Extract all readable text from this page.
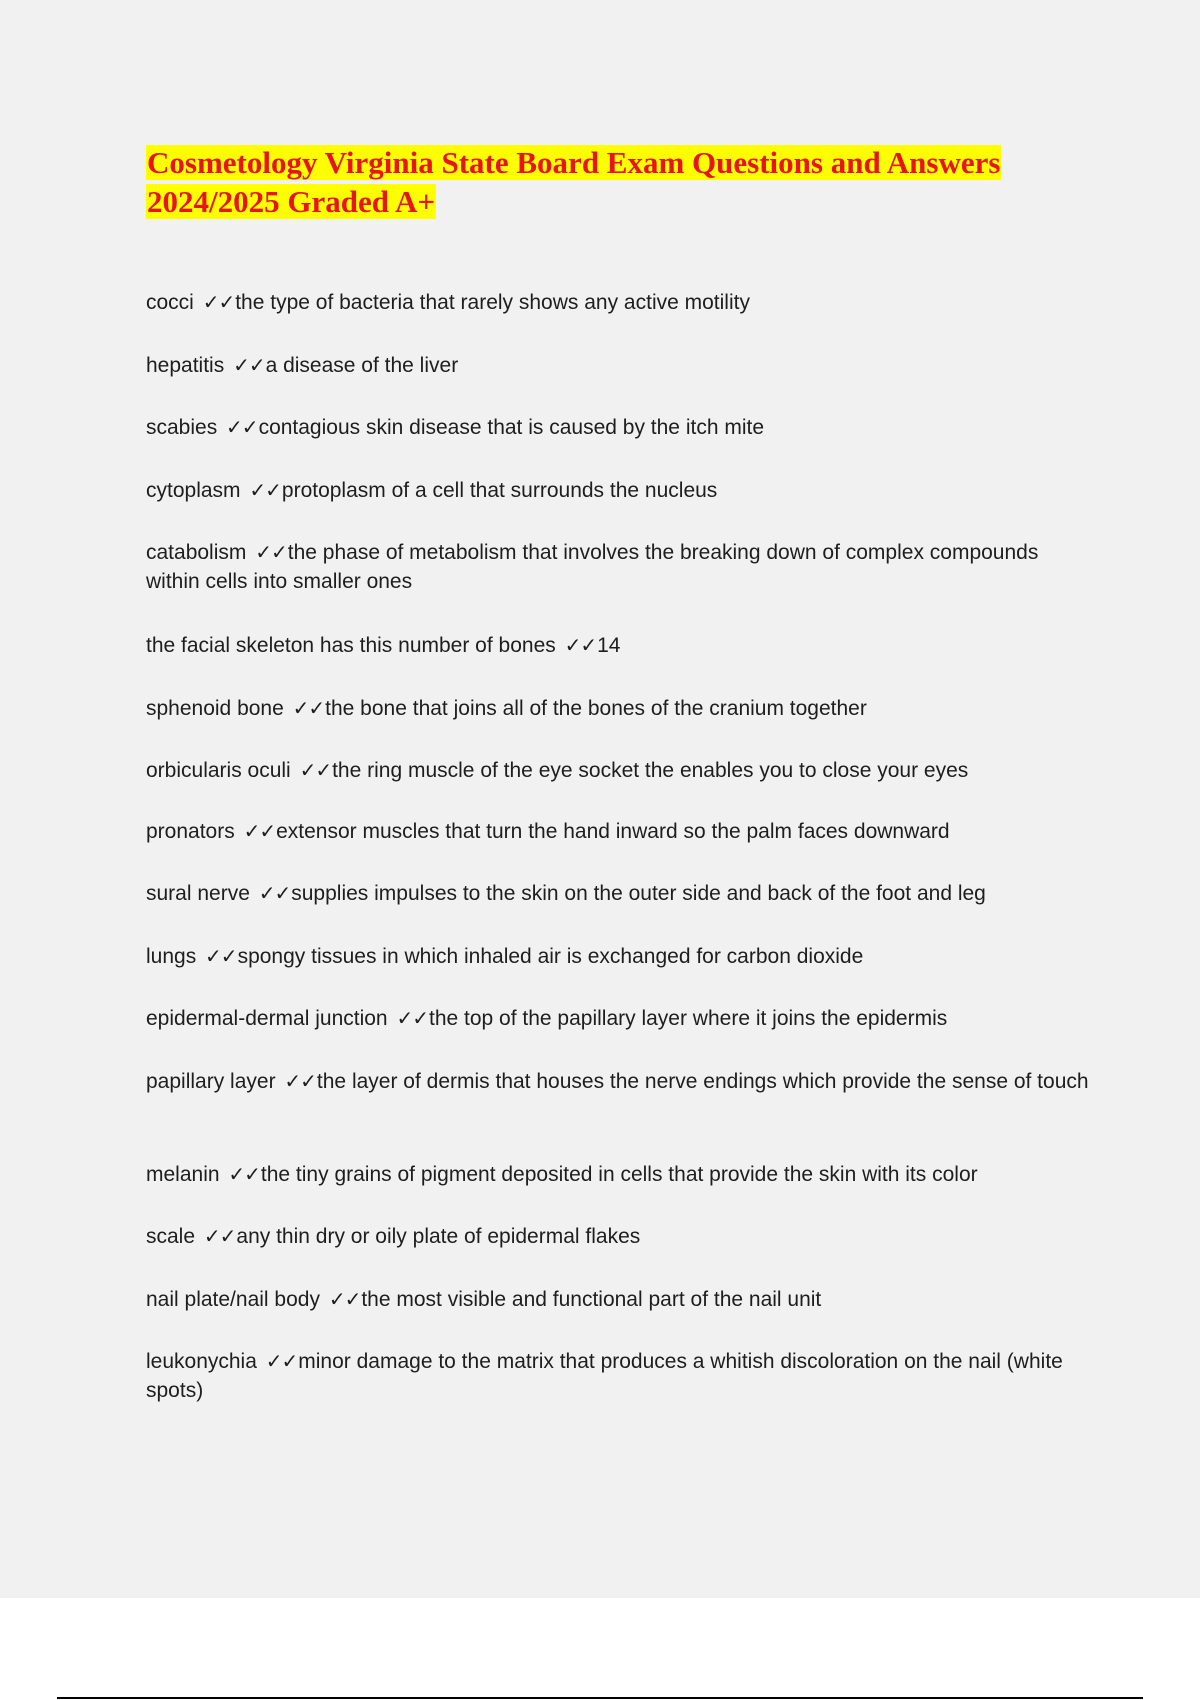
Cosmetology Virginia State Board Exam Questions and Answers 2024/2025 Graded A+
cocci ✓✓the type of bacteria that rarely shows any active motility
hepatitis ✓✓a disease of the liver
scabies ✓✓contagious skin disease that is caused by the itch mite
cytoplasm ✓✓protoplasm of a cell that surrounds the nucleus
catabolism ✓✓the phase of metabolism that involves the breaking down of complex compounds within cells into smaller ones
the facial skeleton has this number of bones ✓✓14
sphenoid bone ✓✓the bone that joins all of the bones of the cranium together
orbicularis oculi ✓✓the ring muscle of the eye socket the enables you to close your eyes
pronators ✓✓extensor muscles that turn the hand inward so the palm faces downward
sural nerve ✓✓supplies impulses to the skin on the outer side and back of the foot and leg
lungs ✓✓spongy tissues in which inhaled air is exchanged for carbon dioxide
epidermal-dermal junction ✓✓the top of the papillary layer where it joins the epidermis
papillary layer ✓✓the layer of dermis that houses the nerve endings which provide the sense of touch
melanin ✓✓the tiny grains of pigment deposited in cells that provide the skin with its color
scale ✓✓any thin dry or oily plate of epidermal flakes
nail plate/nail body ✓✓the most visible and functional part of the nail unit
leukonychia ✓✓minor damage to the matrix that produces a whitish discoloration on the nail (white spots)
